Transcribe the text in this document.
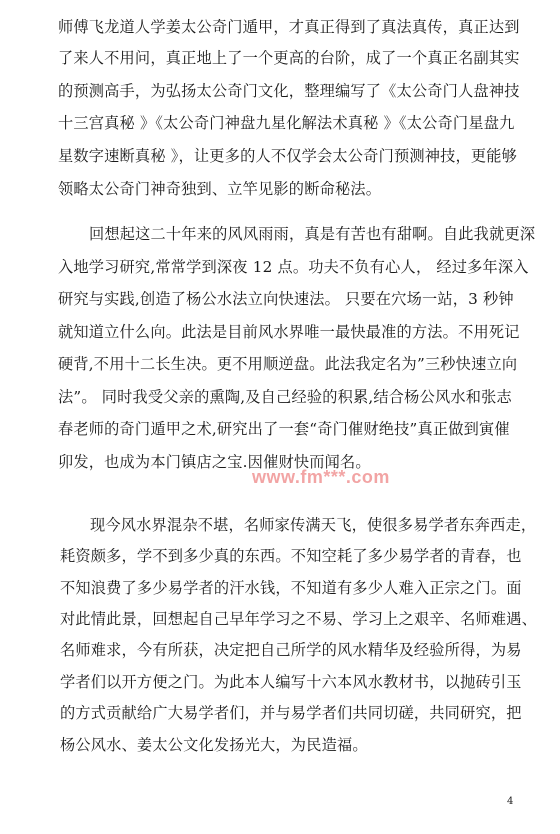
师傅飞龙道人学姜太公奇门遁甲，才真正得到了真法真传，真正达到
了来人不用问，真正地上了一个更高的台阶，成了一个真正名副其实
的预测高手，为弘扬太公奇门文化，整理编写了《太公奇门人盘神技
十三宫真秘 》《太公奇门神盘九星化解法术真秘 》《太公奇门星盘九
星数字速断真秘 》，让更多的人不仅学会太公奇门预测神技，更能够
领略太公奇门神奇独到、立竿见影的断命秘法。
回想起这二十年来的风风雨雨，真是有苦也有甜啊。自此我就更深
入地学习研究,常常学到深夜 12 点。功夫不负有心人， 经过多年深入
研究与实践,创造了杨公水法立向快速法。 只要在穴场一站，3 秒钟
就知道立什么向。此法是目前风水界唯一最快最准的方法。不用死记
硬背,不用十二长生决。更不用顺逆盘。此法我定名为”三秒快速立向
法”。 同时我受父亲的熏陶,及自己经验的积累,结合杨公风水和张志
春老师的奇门遁甲之术,研究出了一套“奇门催财绝技”真正做到寅催
卯发，也成为本门镇店之宝.因催财快而闻名。
现今风水界混杂不堪，名师家传满天飞，使很多易学者东奔西走，
耗资颇多，学不到多少真的东西。不知空耗了多少易学者的青春，也
不知浪费了多少易学者的汗水钱，不知道有多少人难入正宗之门。面
对此情此景，回想起自己早年学习之不易、学习上之艰辛、名师难遇、
名师难求，今有所获，决定把自己所学的风水精华及经验所得，为易
学者们以开方便之门。为此本人编写十六本风水教材书，以抛砖引玉
的方式贡献给广大易学者们，并与易学者们共同切磋，共同研究，把
杨公风水、姜太公文化发扬光大，为民造福。
www.fm***.com
4
